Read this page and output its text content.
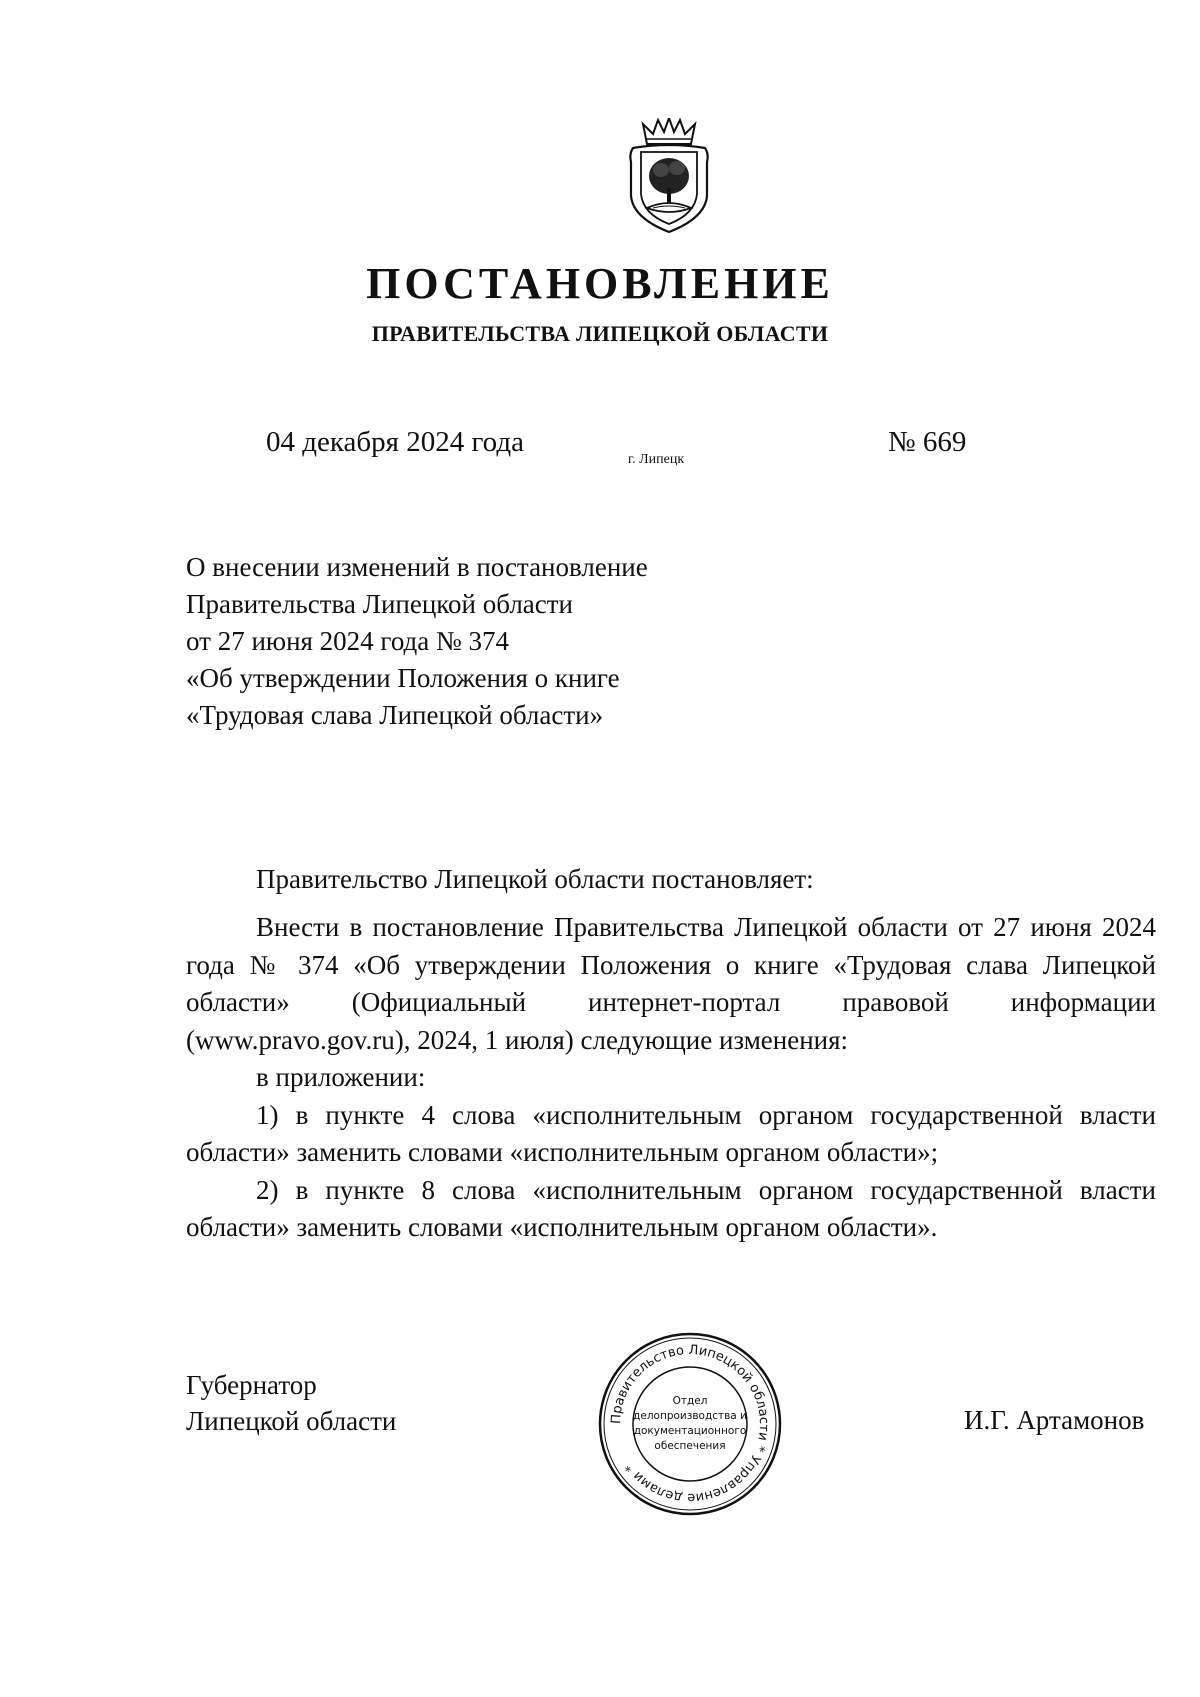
ПОСТАНОВЛЕНИЕ
ПРАВИТЕЛЬСТВА ЛИПЕЦКОЙ ОБЛАСТИ
04 декабря 2024 года
г. Липецк
№ 669
О внесении изменений в постановление
Правительства Липецкой области
от 27 июня 2024 года № 374
«Об утверждении Положения о книге
«Трудовая слава Липецкой области»
Правительство Липецкой области постановляет:

Внести в постановление Правительства Липецкой области от 27 июня 2024 года № 374 «Об утверждении Положения о книге «Трудовая слава Липецкой области» (Официальный интернет-портал правовой информации (www.pravo.gov.ru), 2024, 1 июля) следующие изменения:

в приложении:

1) в пункте 4 слова «исполнительным органом государственной власти области» заменить словами «исполнительным органом области»;

2) в пункте 8 слова «исполнительным органом государственной власти области» заменить словами «исполнительным органом области».

Губернатор
Липецкой области	И.Г. Артамонов
Правительство Липецкой области * Управление делами *
Отдел
делопроизводства и
документационного
обеспечения
